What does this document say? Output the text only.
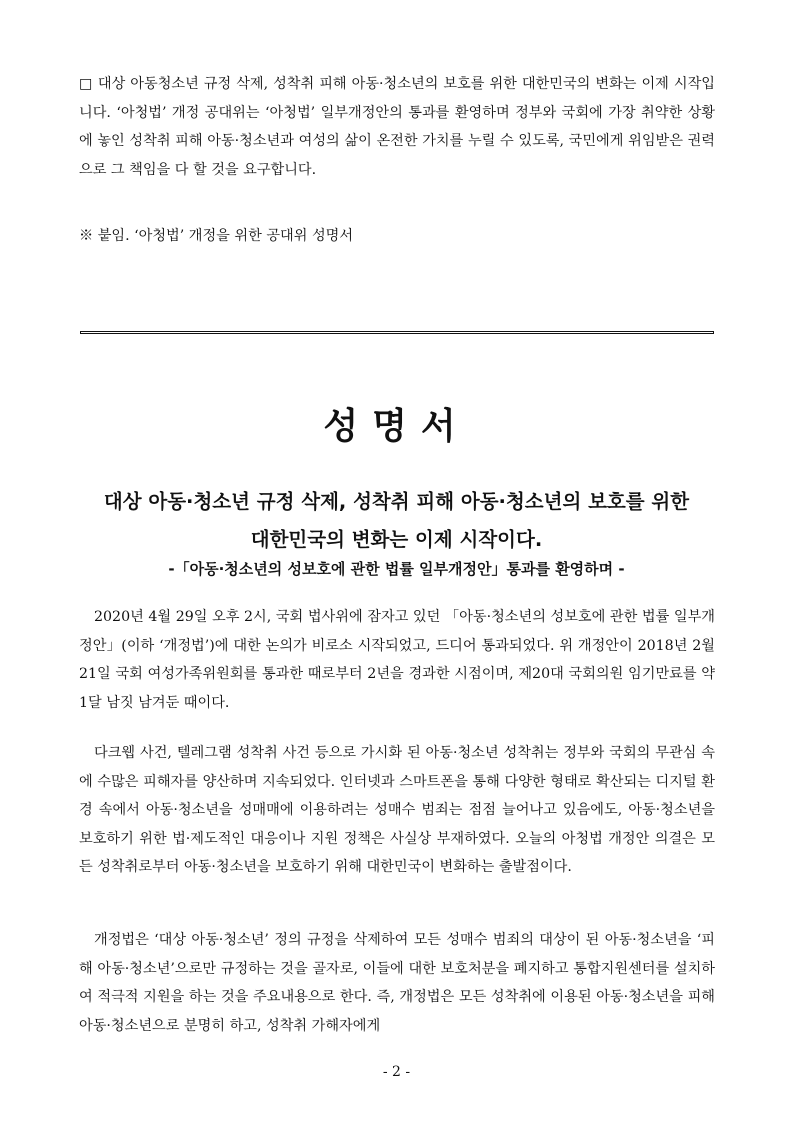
□ 대상 아동청소년 규정 삭제, 성착취 피해 아동·청소년의 보호를 위한 대한민국의 변화는 이제 시작입니다. ‘아청법’ 개정 공대위는 ‘아청법’ 일부개정안의 통과를 환영하며 정부와 국회에 가장 취약한 상황에 놓인 성착취 피해 아동·청소년과 여성의 삶이 온전한 가치를 누릴 수 있도록, 국민에게 위임받은 권력으로 그 책임을 다 할 것을 요구합니다.

※ 붙임. ‘아청법’ 개정을 위한 공대위 성명서

성명서

대상 아동·청소년 규정 삭제, 성착취 피해 아동·청소년의 보호를 위한

대한민국의 변화는 이제 시작이다.

-「아동·청소년의 성보호에 관한 법률 일부개정안」통과를 환영하며 -

2020년 4월 29일 오후 2시, 국회 법사위에 잠자고 있던 「아동·청소년의 성보호에 관한 법률 일부개정안」(이하 ‘개정법’)에 대한 논의가 비로소 시작되었고, 드디어 통과되었다. 위 개정안이 2018년 2월 21일 국회 여성가족위원회를 통과한 때로부터 2년을 경과한 시점이며, 제20대 국회의원 임기만료를 약 1달 남짓 남겨둔 때이다.

다크웹 사건, 텔레그램 성착취 사건 등으로 가시화 된 아동·청소년 성착취는 정부와 국회의 무관심 속에 수많은 피해자를 양산하며 지속되었다. 인터넷과 스마트폰을 통해 다양한 형태로 확산되는 디지털 환경 속에서 아동·청소년을 성매매에 이용하려는 성매수 범죄는 점점 늘어나고 있음에도, 아동·청소년을 보호하기 위한 법·제도적인 대응이나 지원 정책은 사실상 부재하였다. 오늘의 아청법 개정안 의결은 모든 성착취로부터 아동·청소년을 보호하기 위해 대한민국이 변화하는 출발점이다.

개정법은 ‘대상 아동·청소년’ 정의 규정을 삭제하여 모든 성매수 범죄의 대상이 된 아동·청소년을 ‘피해 아동·청소년’으로만 규정하는 것을 골자로, 이들에 대한 보호처분을 폐지하고 통합지원센터를 설치하여 적극적 지원을 하는 것을 주요내용으로 한다. 즉, 개정법은 모든 성착취에 이용된 아동·청소년을 피해 아동·청소년으로 분명히 하고, 성착취 가해자에게

- 2 -
